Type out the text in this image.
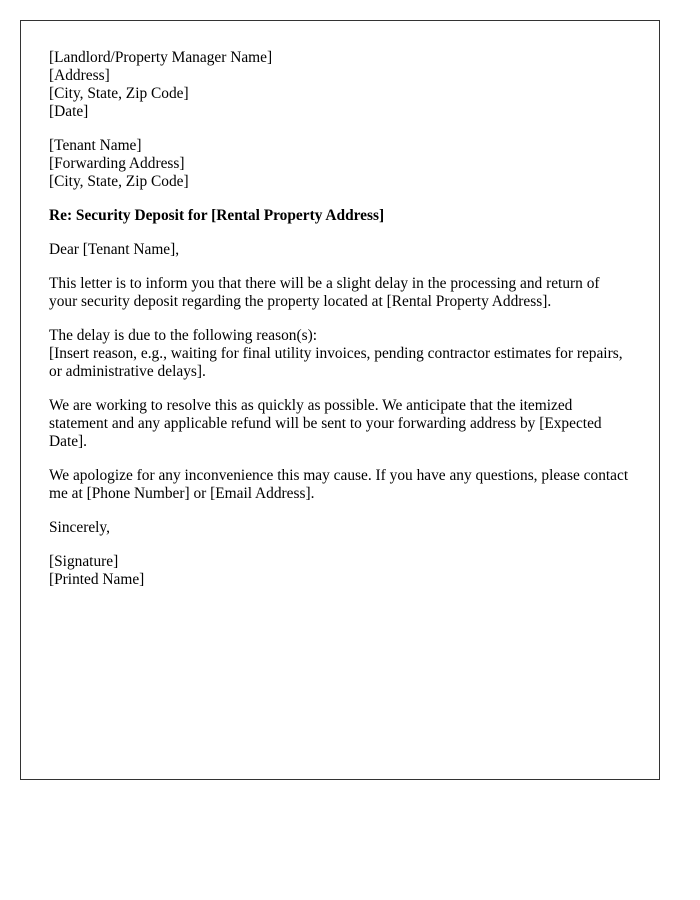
[Landlord/Property Manager Name]
[Address]
[City, State, Zip Code]
[Date]
[Tenant Name]
[Forwarding Address]
[City, State, Zip Code]

Re: Security Deposit for [Rental Property Address]

Dear [Tenant Name],

This letter is to inform you that there will be a slight delay in the processing and return of your security deposit regarding the property located at [Rental Property Address].

The delay is due to the following reason(s):
[Insert reason, e.g., waiting for final utility invoices, pending contractor estimates for repairs, or administrative delays].

We are working to resolve this as quickly as possible. We anticipate that the itemized statement and any applicable refund will be sent to your forwarding address by [Expected Date].

We apologize for any inconvenience this may cause. If you have any questions, please contact me at [Phone Number] or [Email Address].

Sincerely,

[Signature]
[Printed Name]
